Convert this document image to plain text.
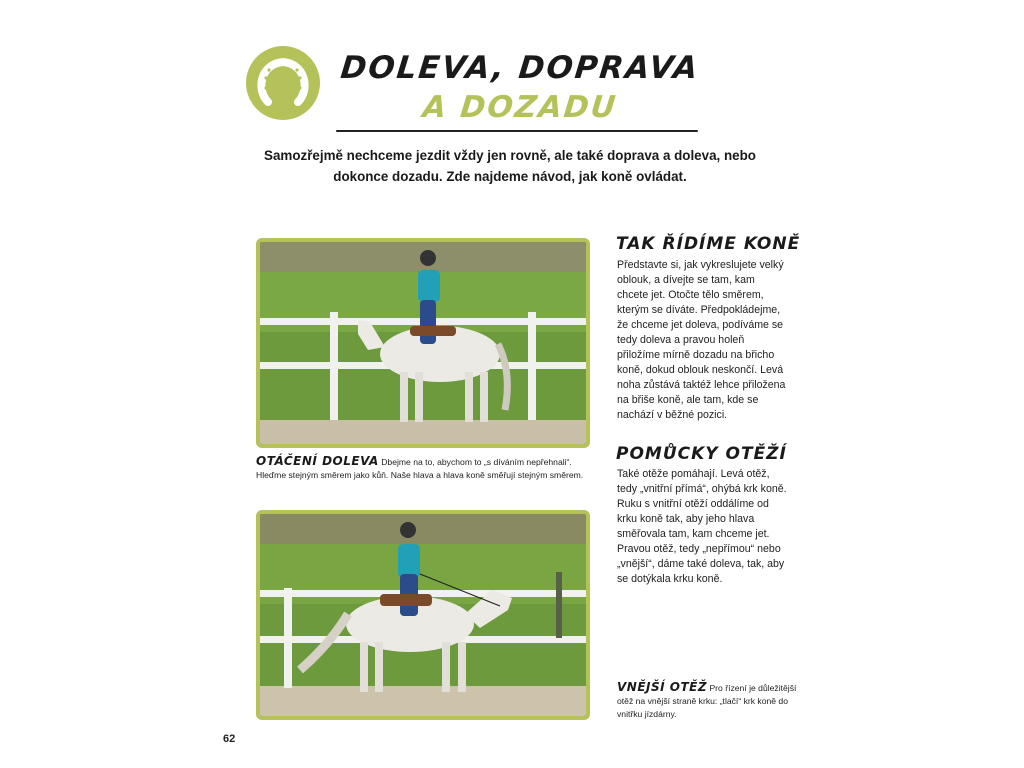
DOLEVA, DOPRAVA
A DOZADU
Samozřejmě nechceme jezdit vždy jen rovně, ale také doprava a doleva, nebo dokonce dozadu. Zde najdeme návod, jak koně ovládat.
OTÁČENÍ DOLEVA Dbejme na to, abychom to „s díváním nepřehnali“. Hleďme stejným směrem jako kůň. Naše hlava a hlava koně směřují stejným směrem.
TAK ŘÍDÍME KONĚ
Představte si, jak vykreslujete velký oblouk, a dívejte se tam, kam chcete jet. Otočte tělo směrem, kterým se díváte. Předpokládejme, že chceme jet doleva, podíváme se tedy doleva a pravou holeň přiložíme mírně dozadu na břicho koně, dokud oblouk neskončí. Levá noha zůstává taktéž lehce přiložena na břiše koně, ale tam, kde se nachází v běžné pozici.
POMŮCKY OTĚŽÍ
Také otěže pomáhají. Levá otěž, tedy „vnitřní přímá“, ohýbá krk koně. Ruku s vnitřní otěží oddálíme od krku koně tak, aby jeho hlava směřovala tam, kam chceme jet. Pravou otěž, tedy „nepřímou“ nebo „vnější“, dáme také doleva, tak, aby se dotýkala krku koně.
VNĚJŠÍ OTĚŽ Pro řízení je důležitější otěž na vnější straně krku: „tlačí“ krk koně do vnitřku jízdárny.
62
